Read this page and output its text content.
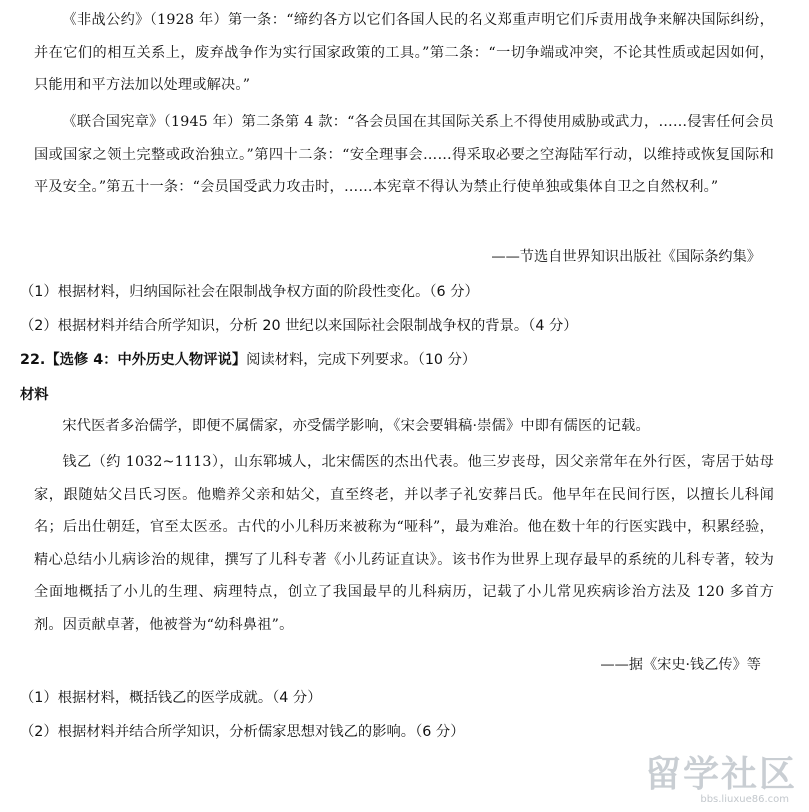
《非战公约》（1928 年）第一条：“缔约各方以它们各国人民的名义郑重声明它们斥责用战争来解决国际纠纷，并在它们的相互关系上，废弃战争作为实行国家政策的工具。”第二条：“一切争端或冲突，不论其性质或起因如何，只能用和平方法加以处理或解决。”

《联合国宪章》（1945 年）第二条第 4 款：“各会员国在其国际关系上不得使用威胁或武力，……侵害任何会员国或国家之领土完整或政治独立。”第四十二条：“安全理事会……得采取必要之空海陆军行动，以维持或恢复国际和平及安全。”第五十一条：“会员国受武力攻击时，……本宪章不得认为禁止行使单独或集体自卫之自然权利。”

——节选自世界知识出版社《国际条约集》

（1）根据材料，归纳国际社会在限制战争权方面的阶段性变化。（6 分）

（2）根据材料并结合所学知识，分析 20 世纪以来国际社会限制战争权的背景。（4 分）

22.【选修 4：中外历史人物评说】阅读材料，完成下列要求。（10 分）
材料

宋代医者多治儒学，即便不属儒家，亦受儒学影响，《宋会要辑稿·崇儒》中即有儒医的记载。

钱乙（约 1032~1113），山东郓城人，北宋儒医的杰出代表。他三岁丧母，因父亲常年在外行医，寄居于姑母家，跟随姑父吕氏习医。他赡养父亲和姑父，直至终老，并以孝子礼安葬吕氏。他早年在民间行医，以擅长儿科闻名；后出仕朝廷，官至太医丞。古代的小儿科历来被称为“哑科”，最为难治。他在数十年的行医实践中，积累经验，精心总结小儿病诊治的规律，撰写了儿科专著《小儿药证直诀》。该书作为世界上现存最早的系统的儿科专著，较为全面地概括了小儿的生理、病理特点，创立了我国最早的儿科病历，记载了小儿常见疾病诊治方法及 120 多首方剂。因贡献卓著，他被誉为“幼科鼻祖”。

——据《宋史·钱乙传》等

（1）根据材料，概括钱乙的医学成就。（4 分）

（2）根据材料并结合所学知识，分析儒家思想对钱乙的影响。（6 分）

留学社区
bbs.liuxue86.com
